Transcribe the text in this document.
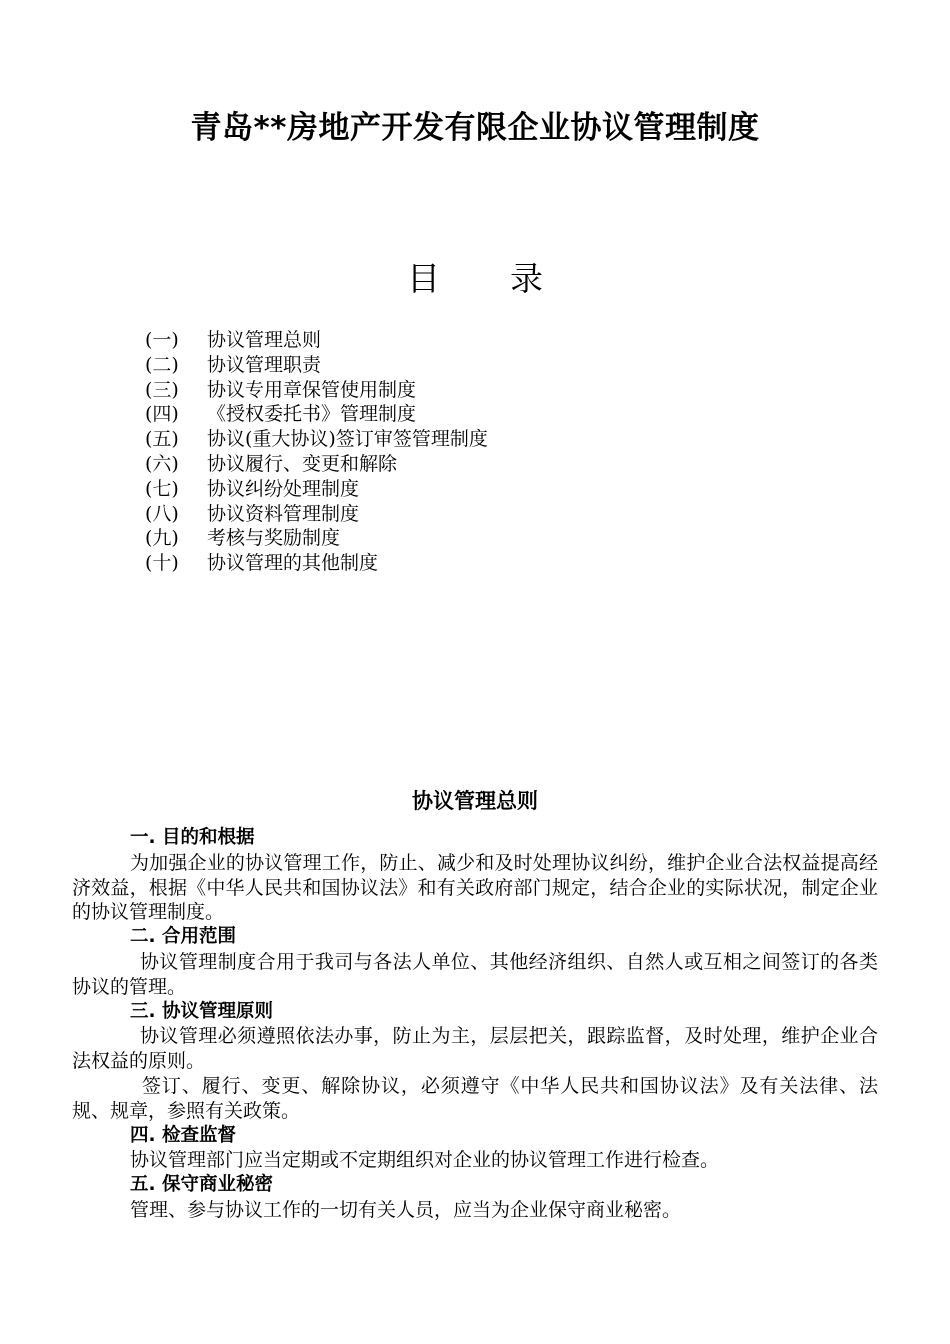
青岛**房地产开发有限企业协议管理制度
目 录
(一)	协议管理总则
(二)	协议管理职责
(三)	协议专用章保管使用制度
(四)	《授权委托书》管理制度
(五)	协议(重大协议)签订审签管理制度
(六)	协议履行、变更和解除
(七)	协议纠纷处理制度
(八)	协议资料管理制度
(九)	考核与奖励制度
(十)	协议管理的其他制度
协议管理总则
一. 目的和根据

为加强企业的协议管理工作，防止、减少和及时处理协议纠纷，维护企业合法权益提高经济效益，根据《中华人民共和国协议法》和有关政府部门规定，结合企业的实际状况，制定企业的协议管理制度。

二. 合用范围

协议管理制度合用于我司与各法人单位、其他经济组织、自然人或互相之间签订的各类协议的管理。

三. 协议管理原则

协议管理必须遵照依法办事，防止为主，层层把关，跟踪监督，及时处理，维护企业合法权益的原则。

签订、履行、变更、解除协议，必须遵守《中华人民共和国协议法》及有关法律、法规、规章，参照有关政策。

四. 检查监督

协议管理部门应当定期或不定期组织对企业的协议管理工作进行检查。

五. 保守商业秘密

管理、参与协议工作的一切有关人员，应当为企业保守商业秘密。
